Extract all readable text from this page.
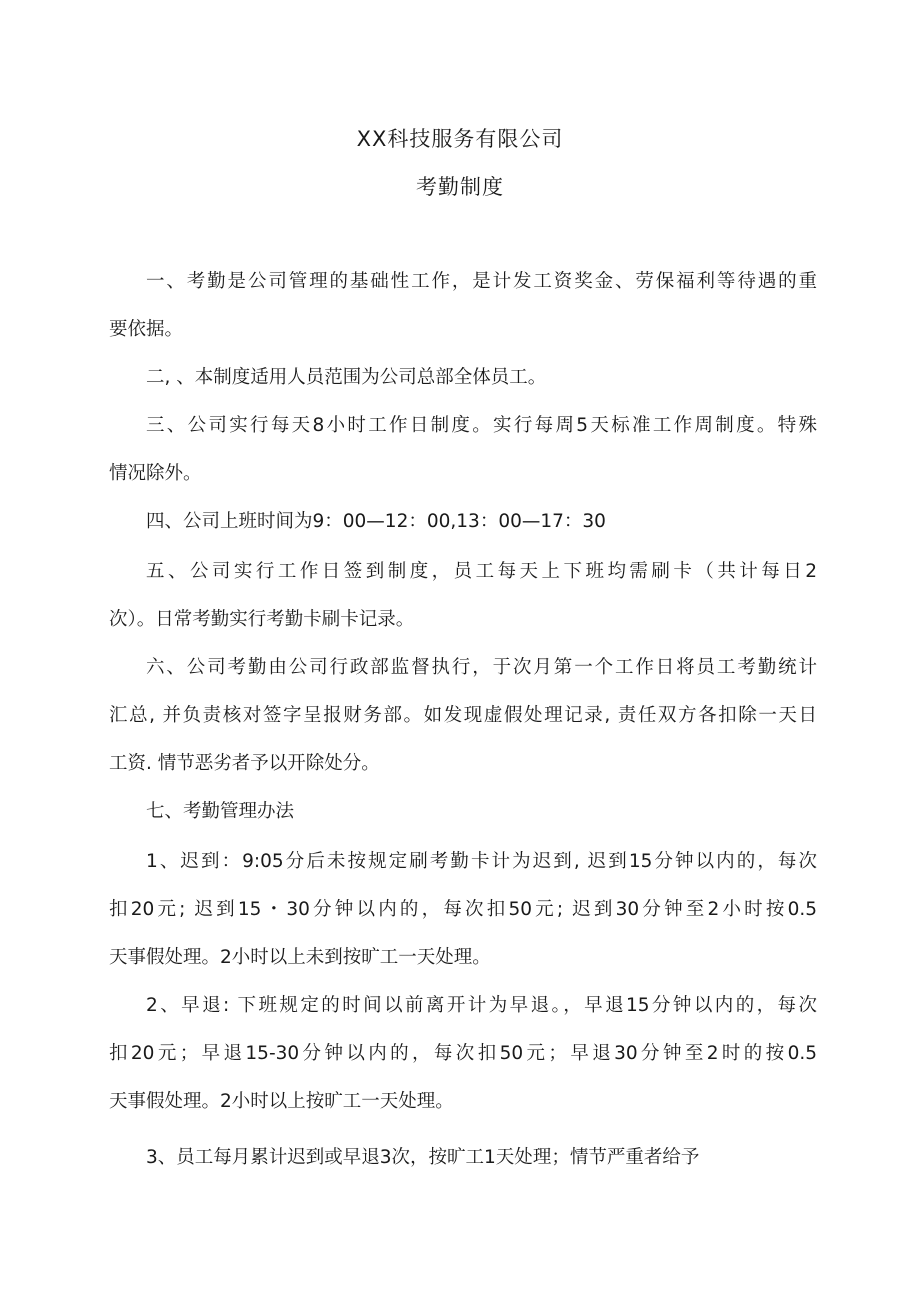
XX科技服务有限公司
考勤制度
一、考勤是公司管理的基础性工作，是计发工资奖金、劳保福利等待遇的重
要依据。
二, 、本制度适用人员范围为公司总部全体员工。
三、公司实行每天8小时工作日制度。实行每周5天标准工作周制度。特殊
情况除外。
四、公司上班时间为9：00—12：00,13：00—17：30
五、公司实行工作日签到制度，员工每天上下班均需刷卡（共计每日2
次）。日常考勤实行考勤卡刷卡记录。
六、公司考勤由公司行政部监督执行，于次月第一个工作日将员工考勤统计
汇总, 并负责核对签字呈报财务部。如发现虚假处理记录, 责任双方各扣除一天日
工资. 情节恶劣者予以开除处分。
七、考勤管理办法
1、迟到：9:05分后未按规定刷考勤卡计为迟到, 迟到15分钟以内的，每次
扣20元; 迟到15・30分钟以内的，每次扣50元; 迟到30分钟至2小时按0.5
天事假处理。2小时以上未到按旷工一天处理。
2、早退: 下班规定的时间以前离开计为早退。，早退15分钟以内的，每次
扣20元；早退15-30分钟以内的，每次扣50元；早退30分钟至2时的按0.5
天事假处理。2小时以上按旷工一天处理。
3、员工每月累计迟到或早退3次，按旷工1天处理；情节严重者给予
